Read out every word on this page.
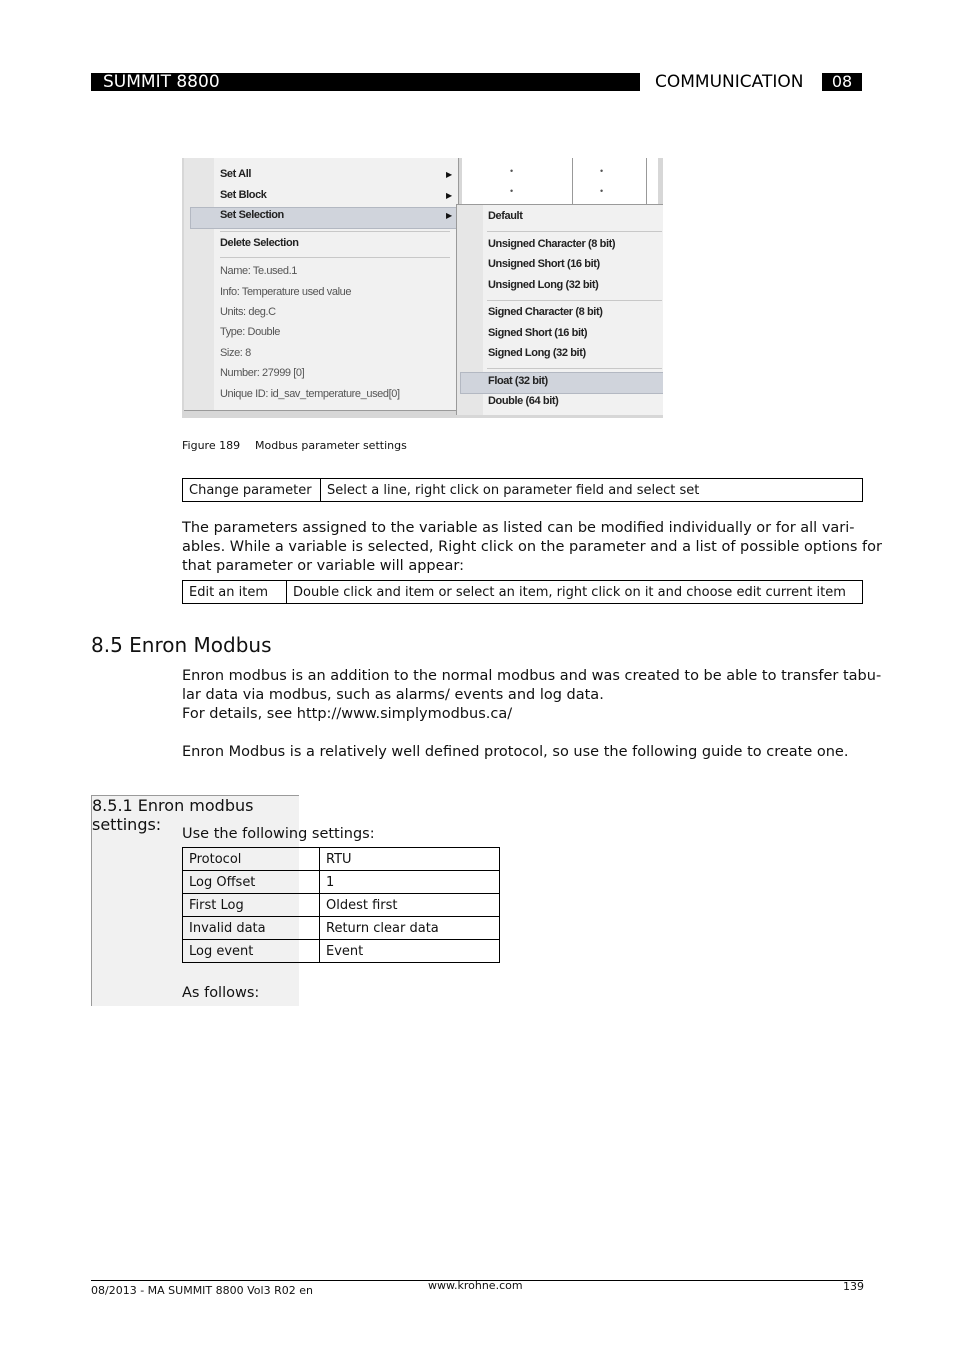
SUMMIT 8800	COMMUNICATION	08
•	•
•	•
Set All	▶
Set Block	▶
Set Selection	▶
Delete Selection
Name: Te.used.1
Info: Temperature used value
Units: deg.C
Type: Double
Size: 8
Number: 27999 [0]
Unique ID: id_sav_temperature_used[0]
Default
Unsigned Character (8 bit)
Unsigned Short (16 bit)
Unsigned Long (32 bit)
Signed Character (8 bit)
Signed Short (16 bit)
Signed Long (32 bit)
Float (32 bit)
Double (64 bit)
Figure 189 Modbus parameter settings
Change parameter	Select a line, right click on parameter field and select set
The parameters assigned to the variable as listed can be modified individually or for all vari-
ables. While a variable is selected, Right click on the parameter and a list of possible options for
that parameter or variable will appear:
Edit an item	Double click and item or select an item, right click on it and choose edit current item
8.5 Enron Modbus
Enron modbus is an addition to the normal modbus and was created to be able to transfer tabu-
lar data via modbus, such as alarms/ events and log data.
For details, see http://www.simplymodbus.ca/
Enron Modbus is a relatively well defined protocol, so use the following guide to create one.
8.5.1 Enron modbus settings:	Use the following settings:
Protocol	RTU
Log Offset	1
First Log	Oldest first
Invalid data	Return clear data
Log event	Event
As follows:
08/2013 - MA SUMMIT 8800 Vol3 R02 en	www.krohne.com	139
